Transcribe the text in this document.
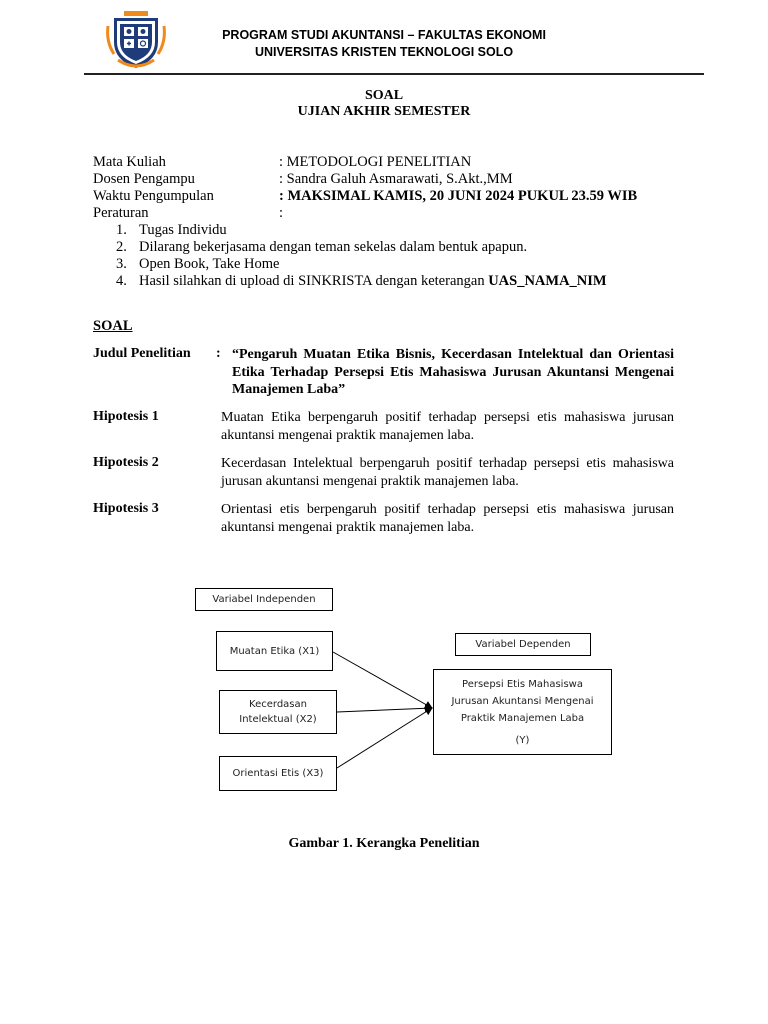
PROGRAM STUDI AKUNTANSI – FAKULTAS EKONOMI
UNIVERSITAS KRISTEN TEKNOLOGI SOLO
SOAL
UJIAN AKHIR SEMESTER
Mata Kuliah	: METODOLOGI PENELITIAN
Dosen Pengampu	: Sandra Galuh Asmarawati, S.Akt.,MM
Waktu Pengumpulan	: MAKSIMAL KAMIS, 20 JUNI 2024 PUKUL 23.59 WIB
Peraturan	:
1. Tugas Individu
2. Dilarang bekerjasama dengan teman sekelas dalam bentuk apapun.
3. Open Book, Take Home
4. Hasil silahkan di upload di SINKRISTA dengan keterangan UAS_NAMA_NIM
SOAL
Judul Penelitian : “Pengaruh Muatan Etika Bisnis, Kecerdasan Intelektual dan Orientasi Etika Terhadap Persepsi Etis Mahasiswa Jurusan Akuntansi Mengenai Manajemen Laba”
Hipotesis 1	Muatan Etika berpengaruh positif terhadap persepsi etis mahasiswa jurusan akuntansi mengenai praktik manajemen laba.
Hipotesis 2	Kecerdasan Intelektual berpengaruh positif terhadap persepsi etis mahasiswa jurusan akuntansi mengenai praktik manajemen laba.
Hipotesis 3	Orientasi etis berpengaruh positif terhadap persepsi etis mahasiswa jurusan akuntansi mengenai praktik manajemen laba.
Variabel Independen
Variabel Dependen
Muatan Etika (X1)
Kecerdasan
Intelektual (X2)
Orientasi Etis (X3)
Persepsi Etis Mahasiswa
Jurusan Akuntansi Mengenai
Praktik Manajemen Laba
(Y)
Gambar 1. Kerangka Penelitian
